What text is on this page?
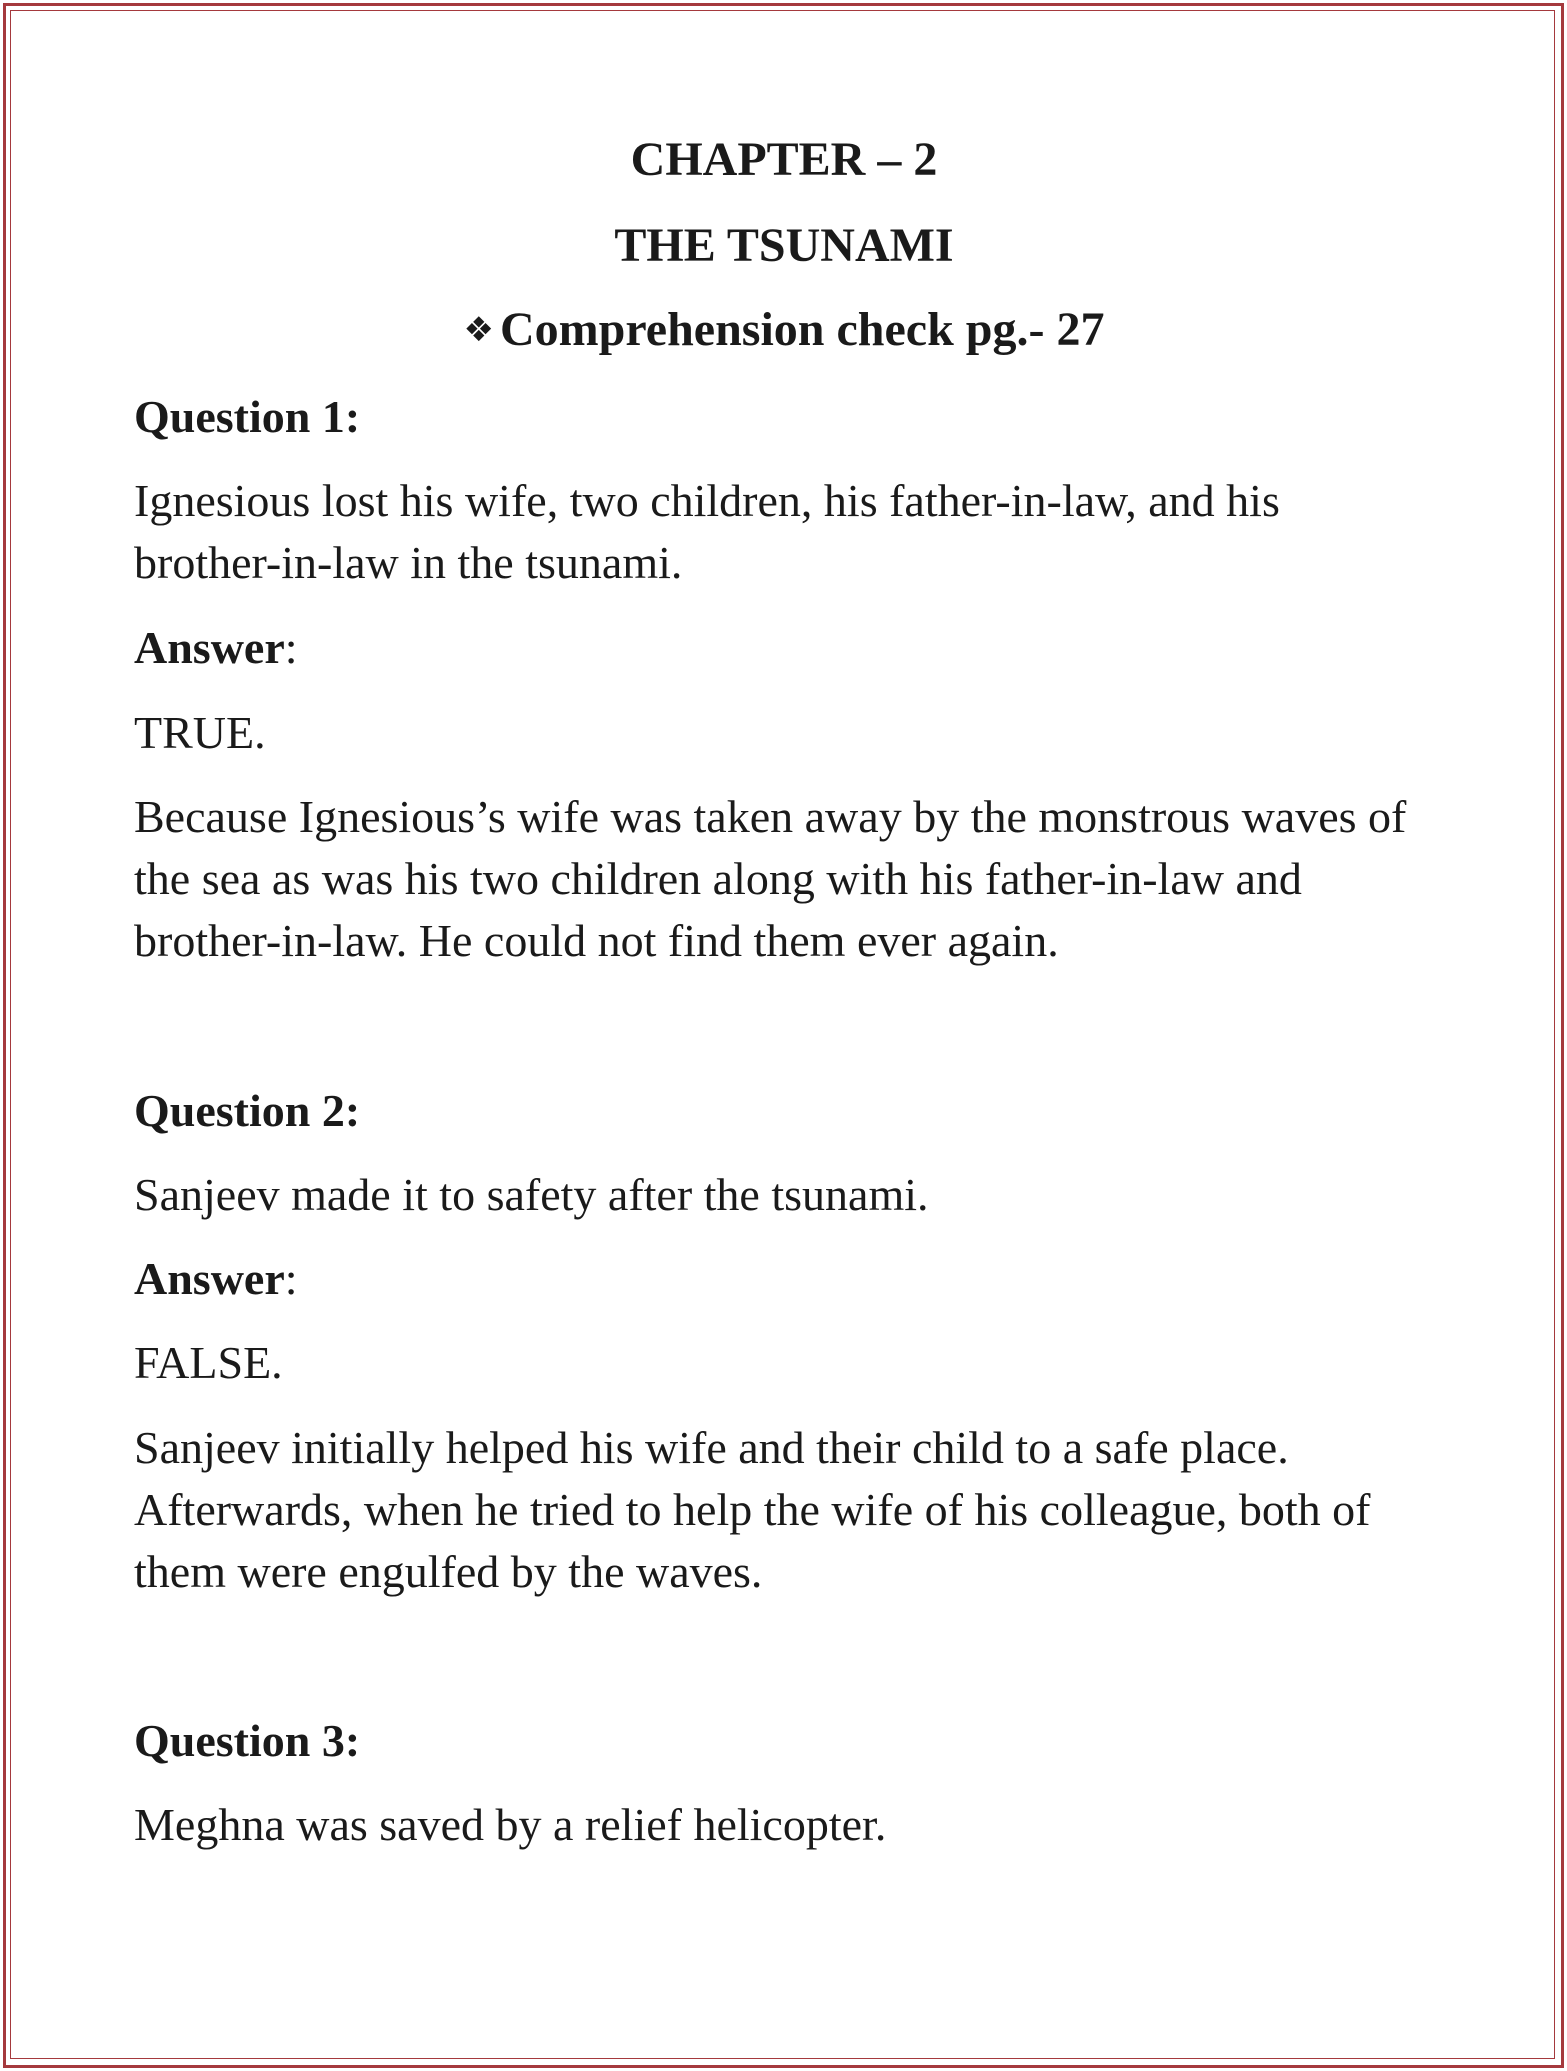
CHAPTER – 2
THE TSUNAMI
❖ Comprehension check pg.- 27
Question 1:
Ignesious lost his wife, two children, his father-in-law, and his brother-in-law in the tsunami.
Answer:
TRUE.
Because Ignesious’s wife was taken away by the monstrous waves of the sea as was his two children along with his father-in-law and brother-in-law. He could not find them ever again.
Question 2:
Sanjeev made it to safety after the tsunami.
Answer:
FALSE.
Sanjeev initially helped his wife and their child to a safe place. Afterwards, when he tried to help the wife of his colleague, both of them were engulfed by the waves.
Question 3:
Meghna was saved by a relief helicopter.
